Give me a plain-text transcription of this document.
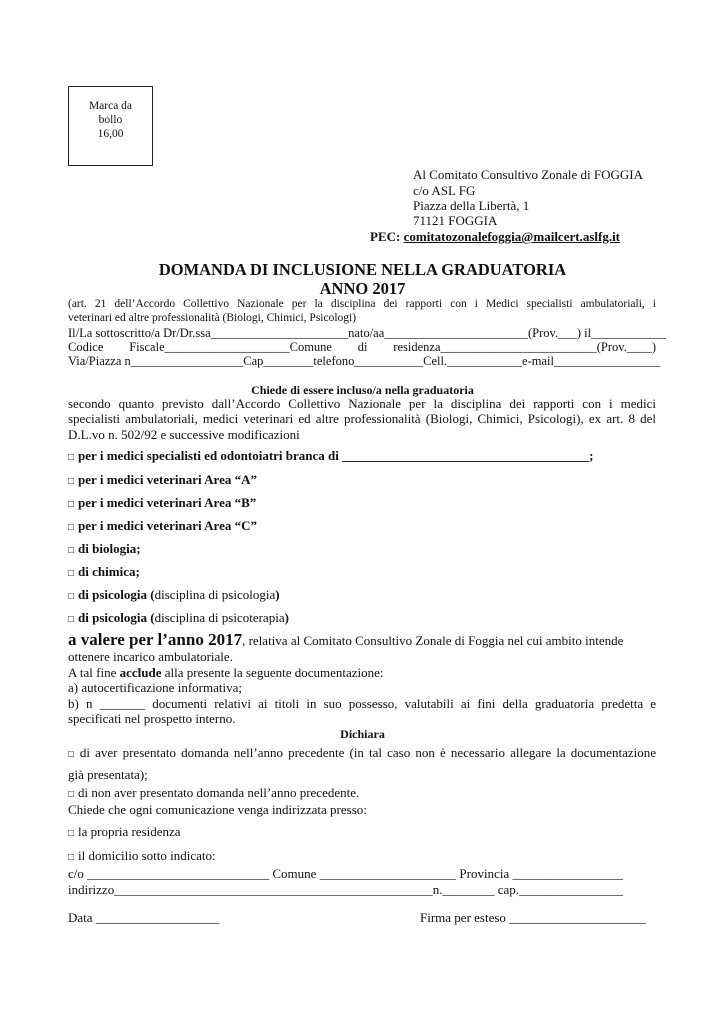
Marca da
bollo
16,00
Al Comitato Consultivo Zonale di FOGGIA
c/o ASL FG
Piazza della Libertà, 1
71121 FOGGIA
PEC: comitatozonalefoggia@mailcert.aslfg.it
DOMANDA DI INCLUSIONE NELLA GRADUATORIA
ANNO 2017
(art. 21 dell’Accordo Collettivo Nazionale per la disciplina dei rapporti con i Medici specialisti ambulatoriali, i
veterinari ed altre professionalità (Biologi, Chimici, Psicologi)
Il/La sottoscritto/a Dr/Dr.ssa______________________nato/aa_______________________(Prov.___) il____________
Codice Fiscale____________________Comune di residenza_________________________(Prov.____)
Via/Piazza n__________________Cap________telefono___________Cell.____________e-mail_________________
Chiede di essere incluso/a nella graduatoria
secondo quanto previsto dall’Accordo Collettivo Nazionale per la disciplina dei rapporti con i medici
specialisti ambulatoriali, medici veterinari ed altre professionalità (Biologi, Chimici, Psicologi), ex art. 8 del
D.L.vo n. 502/92 e successive modificazioni
□ per i medici specialisti ed odontoiatri branca di ______________________________________;
□ per i medici veterinari Area “A”
□ per i medici veterinari Area “B”
□ per i medici veterinari Area “C”
□ di biologia;
□ di chimica;
□ di psicologia (disciplina di psicologia)
□ di psicologia (disciplina di psicoterapia)
a valere per l’anno 2017, relativa al Comitato Consultivo Zonale di Foggia nel cui ambito intende
ottenere incarico ambulatoriale.
A tal fine acclude alla presente la seguente documentazione:
a) autocertificazione informativa;
b) n _______ documenti relativi ai titoli in suo possesso, valutabili ai fini della graduatoria predetta e
specificati nel prospetto interno.
Dichiara
□ di aver presentato domanda nell’anno precedente (in tal caso non è necessario allegare la documentazione
già presentata);
□ di non aver presentato domanda nell’anno precedente.
Chiede che ogni comunicazione venga indirizzata presso:
□ la propria residenza
□ il domicilio sotto indicato:
c/o ____________________________ Comune _____________________ Provincia _________________
indirizzo_________________________________________________n.________ cap.________________
Data ___________________	Firma per esteso _____________________
